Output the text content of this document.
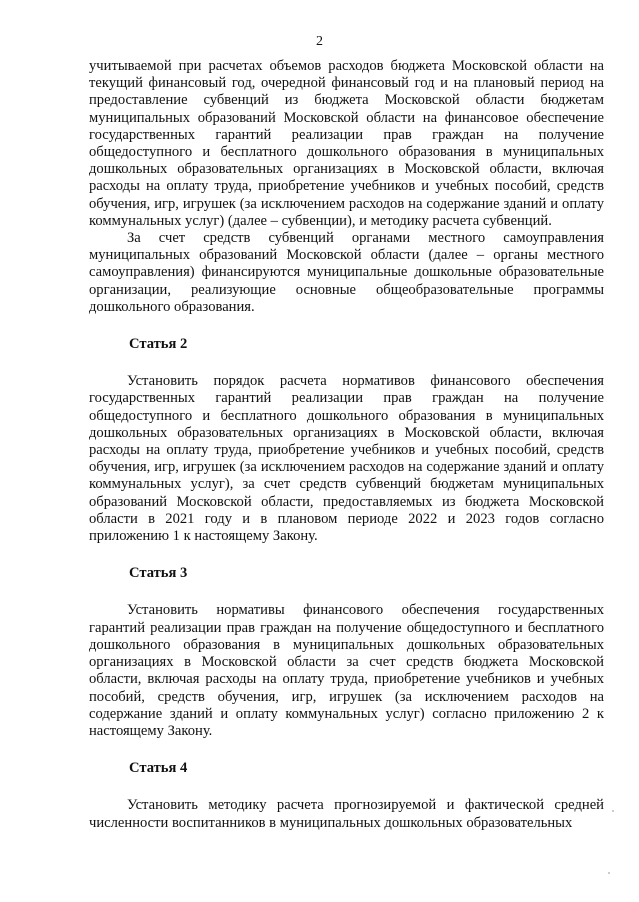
2

учитываемой при расчетах объемов расходов бюджета Московской области на текущий финансовый год, очередной финансовый год и на плановый период на предоставление субвенций из бюджета Московской области бюджетам муниципальных образований Московской области на финансовое обеспечение государственных гарантий реализации прав граждан на получение общедоступного и бесплатного дошкольного образования в муниципальных дошкольных образовательных организациях в Московской области, включая расходы на оплату труда, приобретение учебников и учебных пособий, средств обучения, игр, игрушек (за исключением расходов на содержание зданий и оплату коммунальных услуг) (далее – субвенции), и методику расчета субвенций.

За счет средств субвенций органами местного самоуправления муниципальных образований Московской области (далее – органы местного самоуправления) финансируются муниципальные дошкольные образовательные организации, реализующие основные общеобразовательные программы дошкольного образования.

Статья 2

Установить порядок расчета нормативов финансового обеспечения государственных гарантий реализации прав граждан на получение общедоступного и бесплатного дошкольного образования в муниципальных дошкольных образовательных организациях в Московской области, включая расходы на оплату труда, приобретение учебников и учебных пособий, средств обучения, игр, игрушек (за исключением расходов на содержание зданий и оплату коммунальных услуг), за счет средств субвенций бюджетам муниципальных образований Московской области, предоставляемых из бюджета Московской области в 2021 году и в плановом периоде 2022 и 2023 годов согласно приложению 1 к настоящему Закону.

Статья 3

Установить нормативы финансового обеспечения государственных гарантий реализации прав граждан на получение общедоступного и бесплатного дошкольного образования в муниципальных дошкольных образовательных организациях в Московской области за счет средств бюджета Московской области, включая расходы на оплату труда, приобретение учебников и учебных пособий, средств обучения, игр, игрушек (за исключением расходов на содержание зданий и оплату коммунальных услуг) согласно приложению 2 к настоящему Закону.

Статья 4

Установить методику расчета прогнозируемой и фактической средней численности воспитанников в муниципальных дошкольных образовательных
